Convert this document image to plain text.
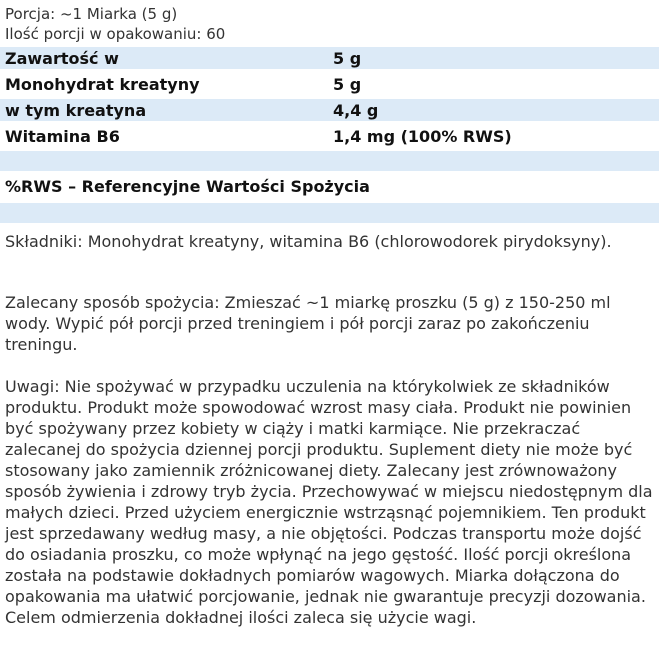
Porcja: ~1 Miarka (5 g)
Ilość porcji w opakowaniu: 60
Zawartość w	5 g
Monohydrat kreatyny	5 g
w tym kreatyna	4,4 g
Witamina B6	1,4 mg (100% RWS)
%RWS – Referencyjne Wartości Spożycia
Składniki: Monohydrat kreatyny, witamina B6 (chlorowodorek pirydoksyny).
Zalecany sposób spożycia: Zmieszać ~1 miarkę proszku (5 g) z 150-250 ml wody. Wypić pół porcji przed treningiem i pół porcji zaraz po zakończeniu treningu.
Uwagi: Nie spożywać w przypadku uczulenia na którykolwiek ze składników produktu. Produkt może spowodować wzrost masy ciała. Produkt nie powinien być spożywany przez kobiety w ciąży i matki karmiące. Nie przekraczać zalecanej do spożycia dziennej porcji produktu. Suplement diety nie może być stosowany jako zamiennik zróżnicowanej diety. Zalecany jest zrównoważony sposób żywienia i zdrowy tryb życia. Przechowywać w miejscu niedostępnym dla małych dzieci. Przed użyciem energicznie wstrząsnąć pojemnikiem. Ten produkt jest sprzedawany według masy, a nie objętości. Podczas transportu może dojść do osiadania proszku, co może wpłynąć na jego gęstość. Ilość porcji określona została na podstawie dokładnych pomiarów wagowych. Miarka dołączona do opakowania ma ułatwić porcjowanie, jednak nie gwarantuje precyzji dozowania. Celem odmierzenia dokładnej ilości zaleca się użycie wagi.
